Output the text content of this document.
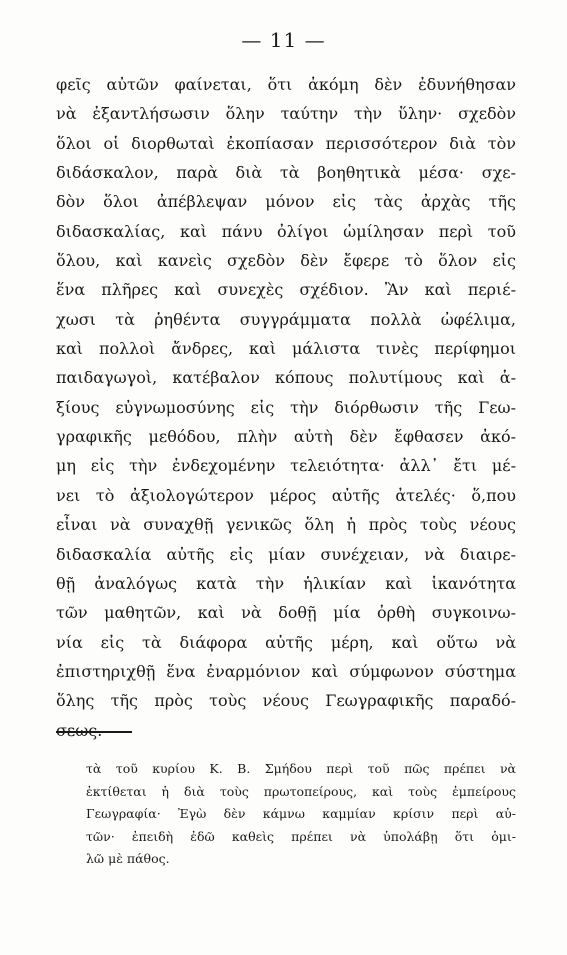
— 11 —
φεῖς αὐτῶν φαίνεται, ὅτι ἀκόμη δὲν ἐδυνήθησαν
νὰ ἐξαντλήσωσιν ὅλην ταύτην τὴν ὕλην· σχεδὸν
ὅλοι οἱ διορθωταὶ ἐκοπίασαν περισσότερον διὰ τὸν
διδάσκαλον, παρὰ διὰ τὰ βοηθητικὰ μέσα· σχε-
δὸν ὅλοι ἀπέβλεψαν μόνον εἰς τὰς ἀρχὰς τῆς
διδασκαλίας, καὶ πάνυ ὀλίγοι ὡμίλησαν περὶ τοῦ
ὅλου, καὶ κανεὶς σχεδὸν δὲν ἔφερε τὸ ὅλον εἰς
ἕνα πλῆρες καὶ συνεχὲς σχέδιον. Ἂν καὶ περιέ-
χωσι τὰ ῥηθέντα συγγράμματα πολλὰ ὠφέλιμα,
καὶ πολλοὶ ἄνδρες, καὶ μάλιστα τινὲς περίφημοι
παιδαγωγοὶ, κατέβαλον κόπους πολυτίμους καὶ ἀ-
ξίους εὐγνωμοσύνης εἰς τὴν διόρθωσιν τῆς Γεω-
γραφικῆς μεθόδου, πλὴν αὐτὴ δὲν ἔφθασεν ἀκό-
μη εἰς τὴν ἐνδεχομένην τελειότητα· ἀλλ᾽ ἔτι μέ-
νει τὸ ἀξιολογώτερον μέρος αὐτῆς ἀτελές· ὅ,που
εἶναι νὰ συναχθῇ γενικῶς ὅλη ἡ πρὸς τοὺς νέους
διδασκαλία αὐτῆς εἰς μίαν συνέχειαν, νὰ διαιρε-
θῇ ἀναλόγως κατὰ τὴν ἡλικίαν καὶ ἱκανότητα
τῶν μαθητῶν, καὶ νὰ δοθῇ μία ὀρθὴ συγκοινω-
νία εἰς τὰ διάφορα αὐτῆς μέρη, καὶ οὕτω νὰ
ἐπιστηριχθῇ ἕνα ἐναρμόνιον καὶ σύμφωνον σύστημα
ὅλης τῆς πρὸς τοὺς νέους Γεωγραφικῆς παραδό-
σεως.
τὰ τοῦ κυρίου Κ. Β. Σμήδου περὶ τοῦ πῶς πρέπει νὰ
ἐκτίθεται ἡ διὰ τοὺς πρωτοπείρους, καὶ τοὺς ἐμπείρους
Γεωγραφία· Ἐγὼ δὲν κάμνω καμμίαν κρίσιν περὶ αὐ-
τῶν· ἐπειδὴ ἐδῶ καθεὶς πρέπει νὰ ὑπολάβῃ ὅτι ὁμι-
λῶ μὲ πάθος.
